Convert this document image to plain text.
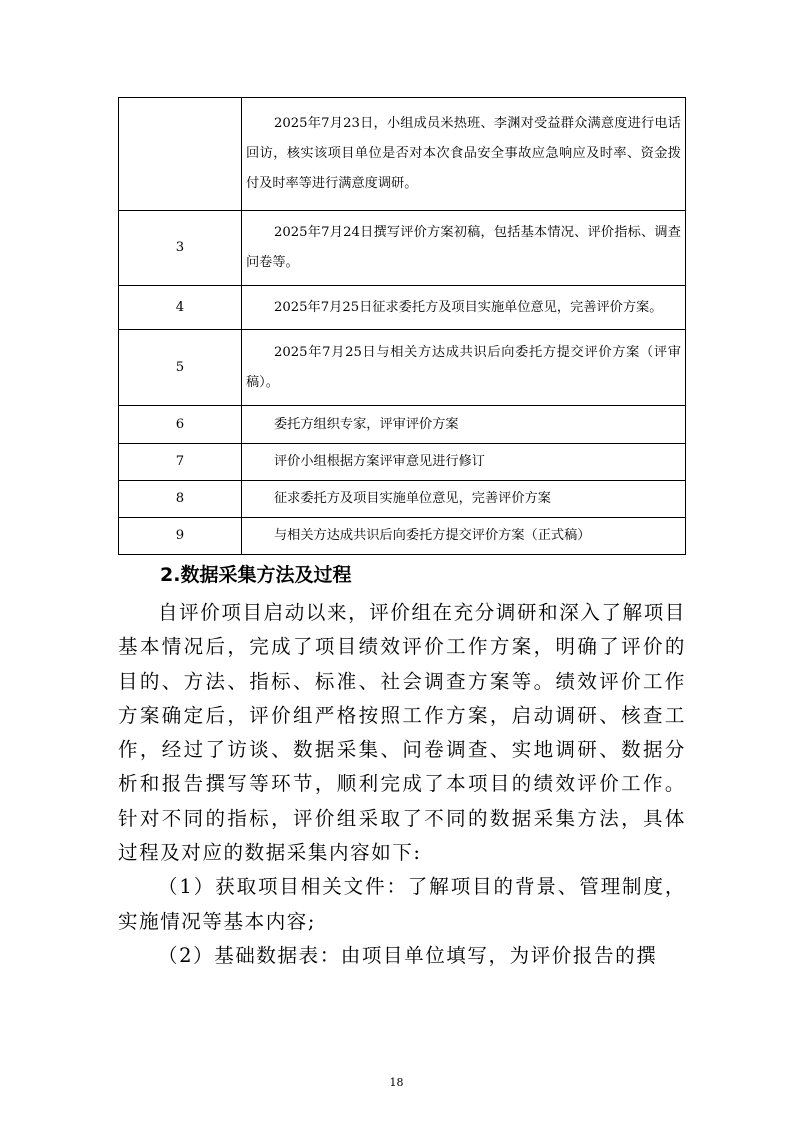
	2025年7月23日，小组成员米热班、李渊对受益群众满意度进行电话回访，核实该项目单位是否对本次食品安全事故应急响应及时率、资金拨付及时率等进行满意度调研。
3	2025年7月24日撰写评价方案初稿，包括基本情况、评价指标、调查问卷等。
4	2025年7月25日征求委托方及项目实施单位意见，完善评价方案。
5	2025年7月25日与相关方达成共识后向委托方提交评价方案（评审稿）。
6	委托方组织专家，评审评价方案
7	评价小组根据方案评审意见进行修订
8	征求委托方及项目实施单位意见，完善评价方案
9	与相关方达成共识后向委托方提交评价方案（正式稿）
2.数据采集方法及过程

自评价项目启动以来，评价组在充分调研和深入了解项目基本情况后，完成了项目绩效评价工作方案，明确了评价的目的、方法、指标、标准、社会调查方案等。绩效评价工作方案确定后，评价组严格按照工作方案，启动调研、核查工作，经过了访谈、数据采集、问卷调查、实地调研、数据分析和报告撰写等环节，顺利完成了本项目的绩效评价工作。针对不同的指标，评价组采取了不同的数据采集方法，具体过程及对应的数据采集内容如下:

（1）获取项目相关文件：了解项目的背景、管理制度，实施情况等基本内容;

（2）基础数据表：由项目单位填写，为评价报告的撰

18
